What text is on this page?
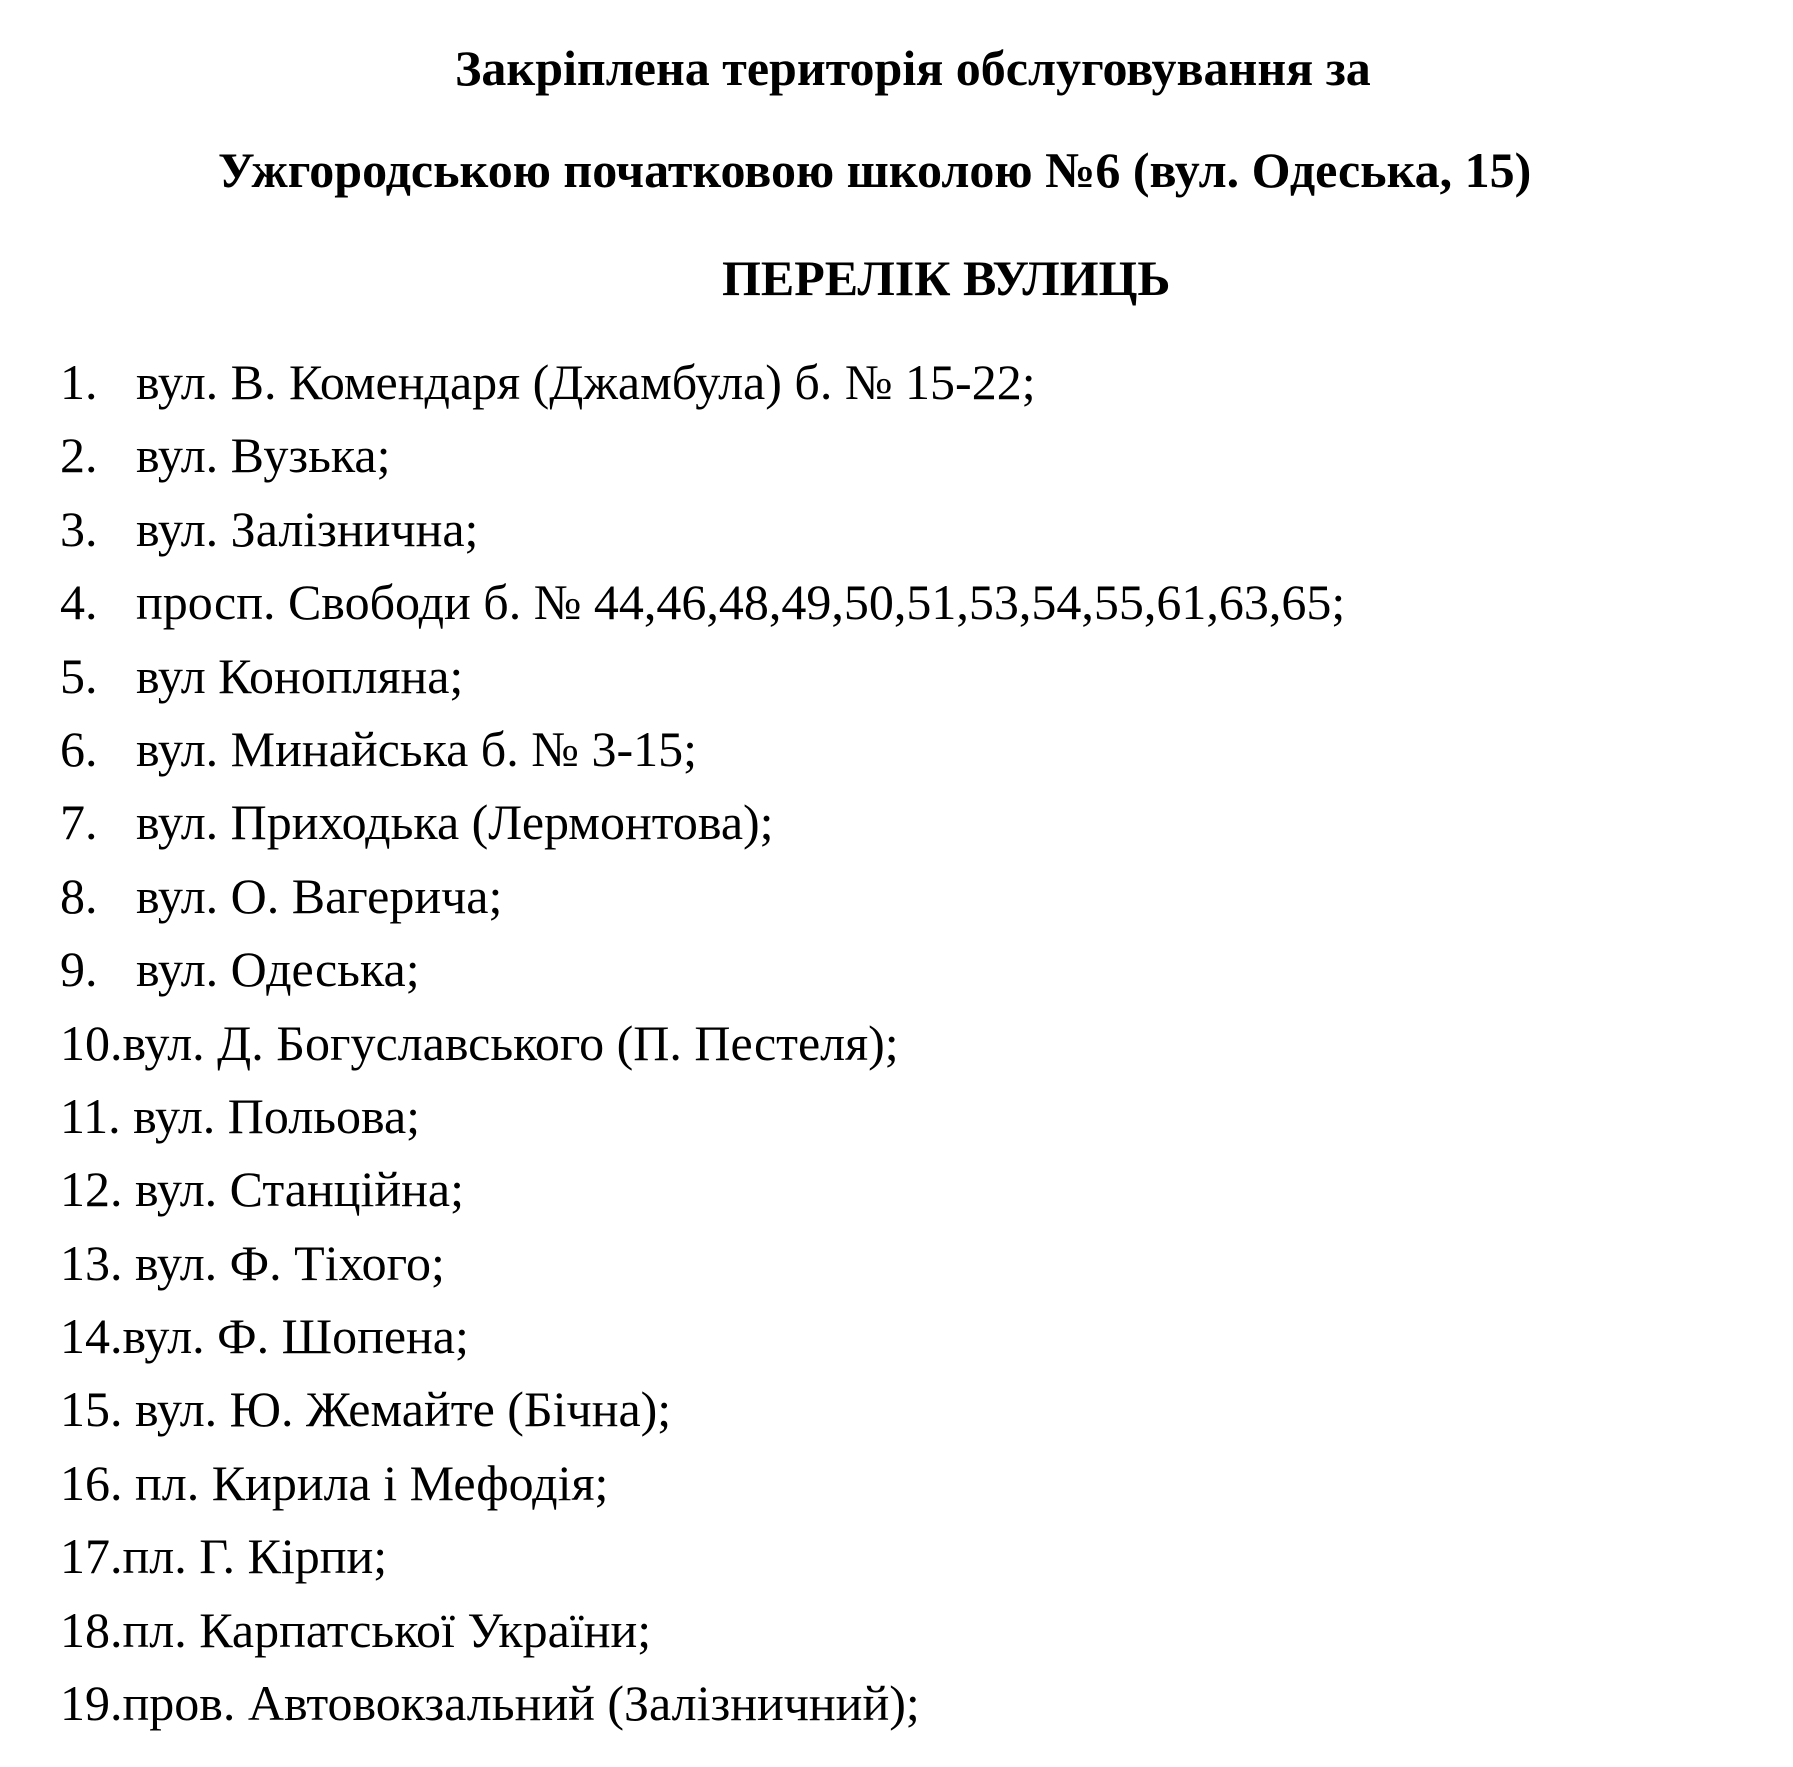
Закріплена територія обслуговування за
Ужгородською початковою школою №6 (вул. Одеська, 15)
ПЕРЕЛІК ВУЛИЦЬ
1. вул. В. Комендаря (Джамбула) б. № 15-22;
2. вул. Вузька;
3. вул. Залізнична;
4. просп. Свободи б. № 44,46,48,49,50,51,53,54,55,61,63,65;
5. вул Конопляна;
6. вул. Минайська б. № 3-15;
7. вул. Приходька (Лермонтова);
8. вул. О. Вагерича;
9. вул. Одеська;
10.вул. Д. Богуславського (П. Пестеля);
11. вул. Польова;
12. вул. Станційна;
13. вул. Ф. Тіхого;
14.вул. Ф. Шопена;
15. вул. Ю. Жемайте (Бічна);
16. пл. Кирила і Мефодія;
17.пл. Г. Кірпи;
18.пл. Карпатської України;
19.пров. Автовокзальний (Залізничний);
